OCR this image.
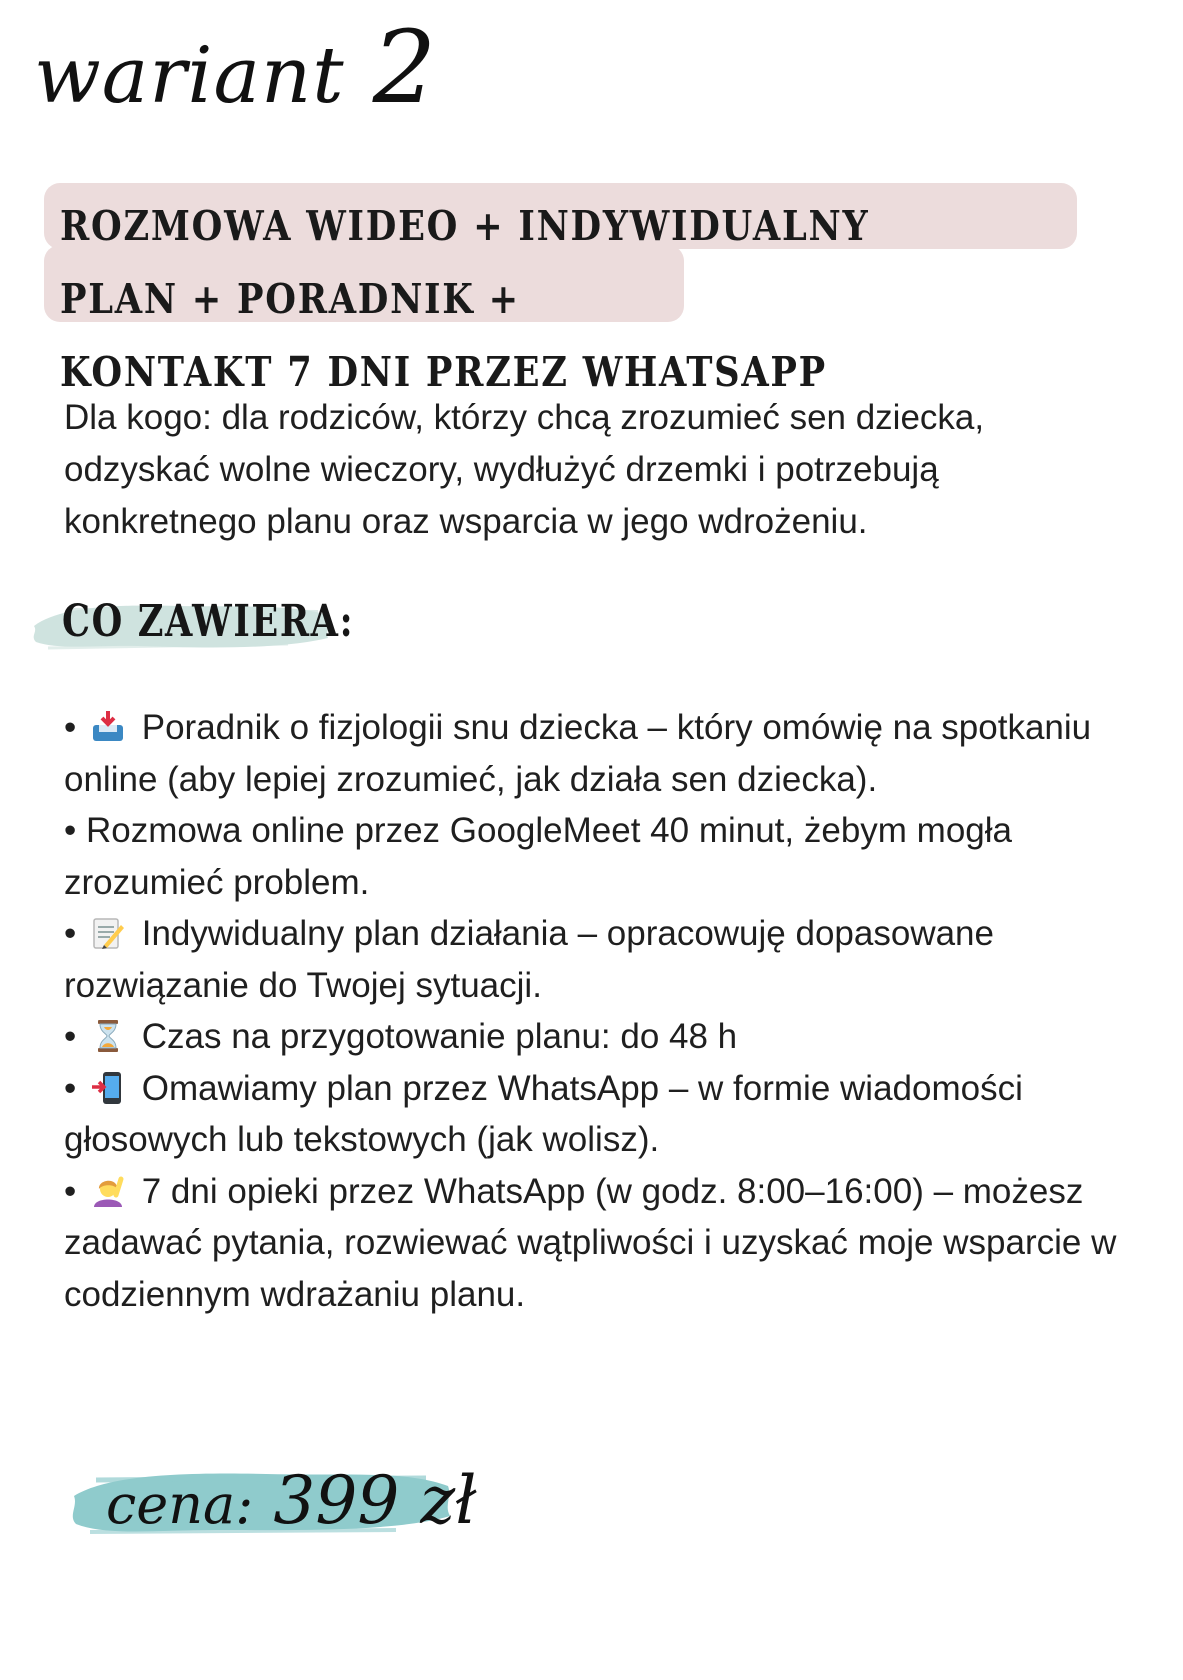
wariant 2
ROZMOWA WIDEO + INDYWIDUALNY PLAN + PORADNIK +
KONTAKT 7 DNI PRZEZ WHATSAPP
Dla kogo: dla rodziców, którzy chcą zrozumieć sen dziecka, odzyskać wolne wieczory, wydłużyć drzemki i potrzebują konkretnego planu oraz wsparcia w jego wdrożeniu.
CO ZAWIERA:

• Poradnik o fizjologii snu dziecka – który omówię na spotkaniu online (aby lepiej zrozumieć, jak działa sen dziecka).

• Rozmowa online przez GoogleMeet 40 minut, żebym mogła zrozumieć problem.

• Indywidualny plan działania – opracowuję dopasowane rozwiązanie do Twojej sytuacji.

• Czas na przygotowanie planu: do 48 h

• Omawiamy plan przez WhatsApp – w formie wiadomości głosowych lub tekstowych (jak wolisz).

• 7 dni opieki przez WhatsApp (w godz. 8:00–16:00) – możesz zadawać pytania, rozwiewać wątpliwości i uzyskać moje wsparcie w codziennym wdrażaniu planu.

cena: 399 zł
